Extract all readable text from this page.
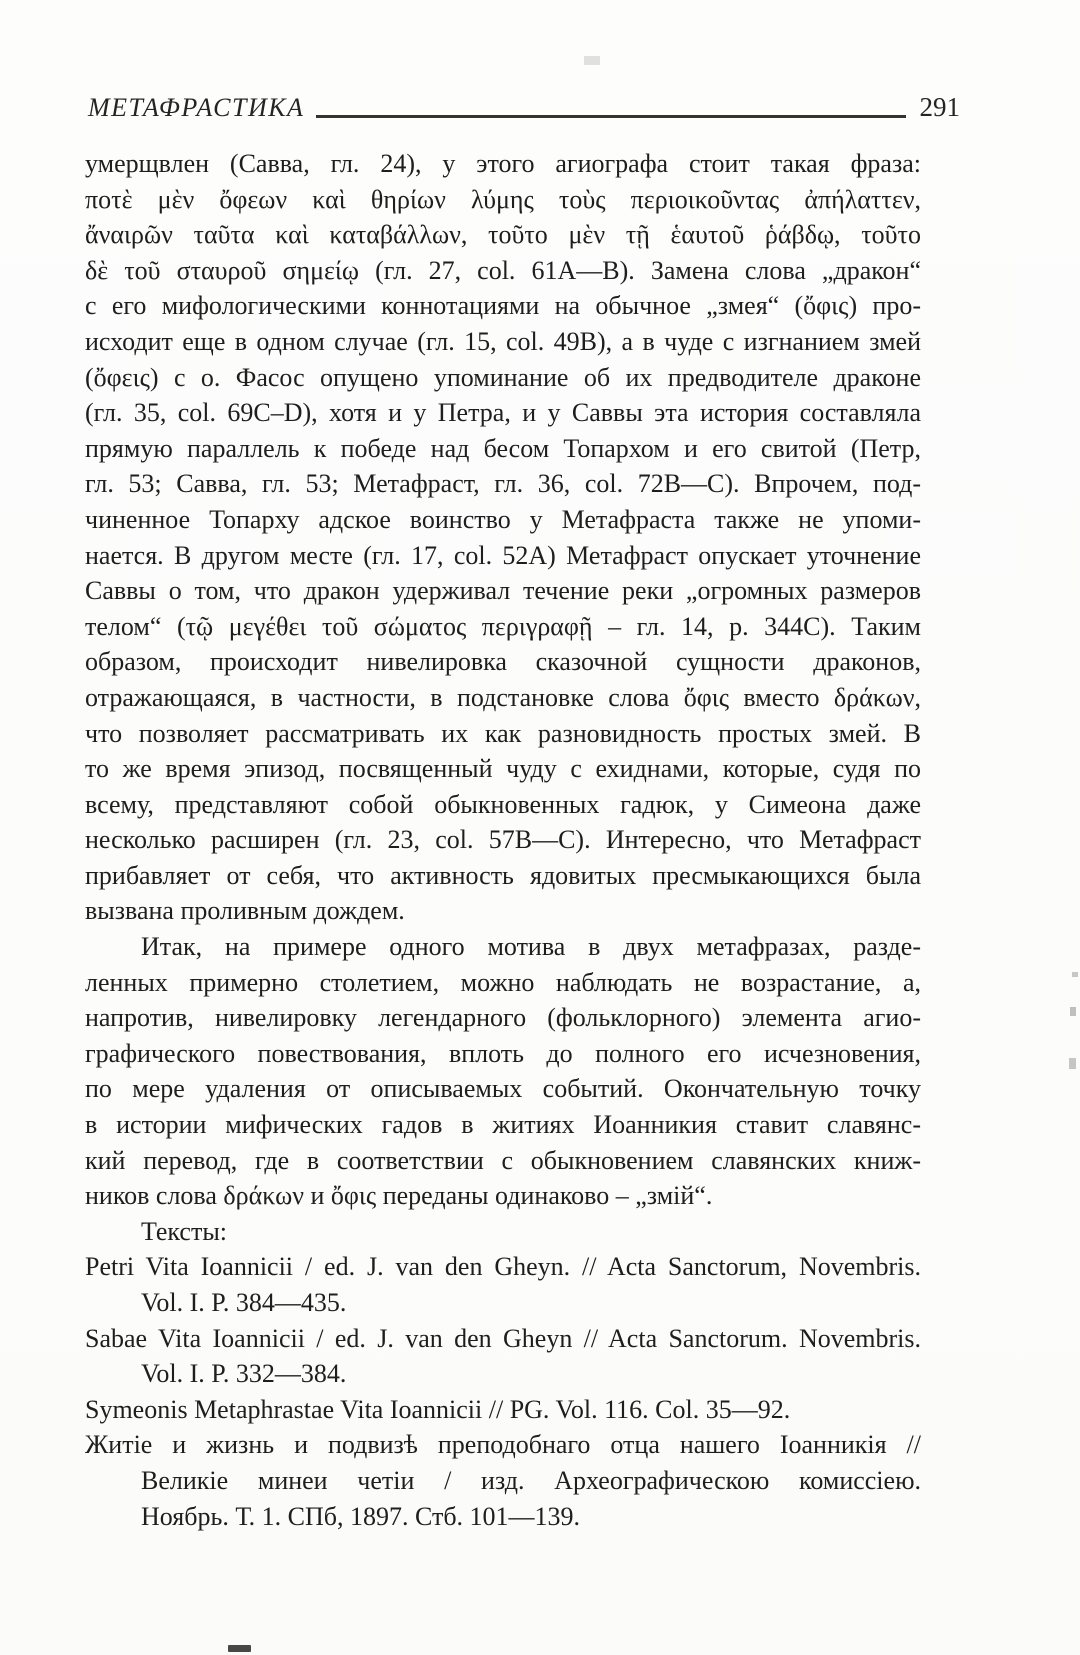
МЕТАФРАСТИКА	291
умерщвлен (Савва, гл. 24), у этого агиографа стоит такая фраза:
ποτὲ μὲν ὄφεων καὶ θηρίων λύμης τοὺς περιοικοῦντας ἀπήλαττεν,
ἄναιρῶν ταῦτα καὶ καταβάλλων, τοῦτο μὲν τῇ ἑαυτοῦ ῥάβδῳ, τοῦτο
δὲ τοῦ σταυροῦ σημείῳ (гл. 27, col. 61A—B). Замена слова „дракон“
с его мифологическими коннотациями на обычное „змея“ (ὄφις) про-
исходит еще в одном случае (гл. 15, col. 49B), а в чуде с изгнанием змей
(ὄφεις) с о. Фасос опущено упоминание об их предводителе драконе
(гл. 35, col. 69C–D), хотя и у Петра, и у Саввы эта история составляла
прямую параллель к победе над бесом Топархом и его свитой (Петр,
гл. 53; Савва, гл. 53; Метафраст, гл. 36, col. 72B—C). Впрочем, под-
чиненное Топарху адское воинство у Метафраста также не упоми-
нается. В другом месте (гл. 17, col. 52A) Метафраст опускает уточнение
Саввы о том, что дракон удерживал течение реки „огромных размеров
телом“ (τῷ μεγέθει τοῦ σώματος περιγραφῇ – гл. 14, p. 344C). Таким
образом, происходит нивелировка сказочной сущности драконов,
отражающаяся, в частности, в подстановке слова ὄφις вместо δράκων,
что позволяет рассматривать их как разновидность простых змей. В
то же время эпизод, посвященный чуду с ехиднами, которые, судя по
всему, представляют собой обыкновенных гадюк, у Симеона даже
несколько расширен (гл. 23, col. 57B—C). Интересно, что Метафраст
прибавляет от себя, что активность ядовитых пресмыкающихся была
вызвана проливным дождем.
Итак, на примере одного мотива в двух метафразах, разде-
ленных примерно столетием, можно наблюдать не возрастание, а,
напротив, нивелировку легендарного (фольклорного) элемента агио-
графического повествования, вплоть до полного его исчезновения,
по мере удаления от описываемых событий. Окончательную точку
в истории мифических гадов в житиях Иоанникия ставит славянс-
кий перевод, где в соответствии с обыкновением славянских книж-
ников слова δράκων и ὄφις переданы одинаково – „змій“.
Тексты:
Petri Vita Ioannicii / ed. J. van den Gheyn. // Acta Sanctorum, Novembris.
Vol. I. P. 384—435.
Sabae Vita Ioannicii / ed. J. van den Gheyn // Acta Sanctorum. Novembris.
Vol. I. P. 332—384.
Symeonis Metaphrastae Vita Ioannicii // PG. Vol. 116. Col. 35—92.
Житіе и жизнь и подвизѣ преподобнаго отца нашего Іоанникія //
Великіе минеи четіи / изд. Археографическою комиссіею.
Ноябрь. Т. 1. СПб, 1897. Стб. 101—139.
